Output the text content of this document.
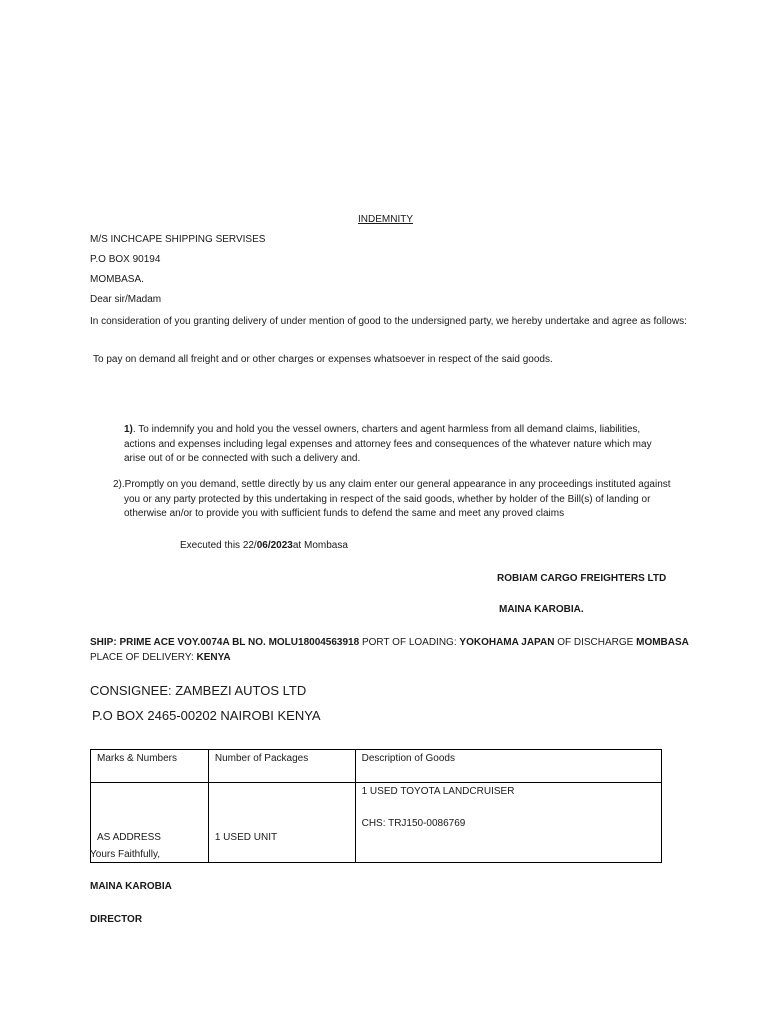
INDEMNITY
M/S INCHCAPE SHIPPING SERVISES
P.O BOX 90194
MOMBASA.
Dear sir/Madam
In consideration of you granting delivery of under mention of good to the undersigned party, we hereby undertake and agree as follows:
To pay on demand all freight and or other charges or expenses whatsoever in respect of the said goods.
1). To indemnify you and hold you the vessel owners, charters and agent harmless from all demand claims, liabilities, actions and expenses including legal expenses and attorney fees and consequences of the whatever nature which may arise out of or be connected with such a delivery and.
2).Promptly on you demand, settle directly by us any claim enter our general appearance in any proceedings instituted against you or any party protected by this undertaking in respect of the said goods, whether by holder of the Bill(s) of landing or otherwise an/or to provide you with sufficient funds to defend the same and meet any proved claims
Executed this 22/06/2023at Mombasa
ROBIAM CARGO FREIGHTERS LTD
MAINA KAROBIA.
SHIP: PRIME ACE VOY.0074A BL NO. MOLU18004563918 PORT OF LOADING: YOKOHAMA JAPAN OF DISCHARGE MOMBASA
PLACE OF DELIVERY: KENYA
CONSIGNEE: ZAMBEZI AUTOS LTD
P.O BOX 2465-00202 NAIROBI KENYA
Marks & Numbers	Number of Packages	Description of Goods

AS ADDRESS	1 USED UNIT	1 USED TOYOTA LANDCRUISER
CHS: TRJ150-0086769
Yours Faithfully,
MAINA KAROBIA
DIRECTOR
